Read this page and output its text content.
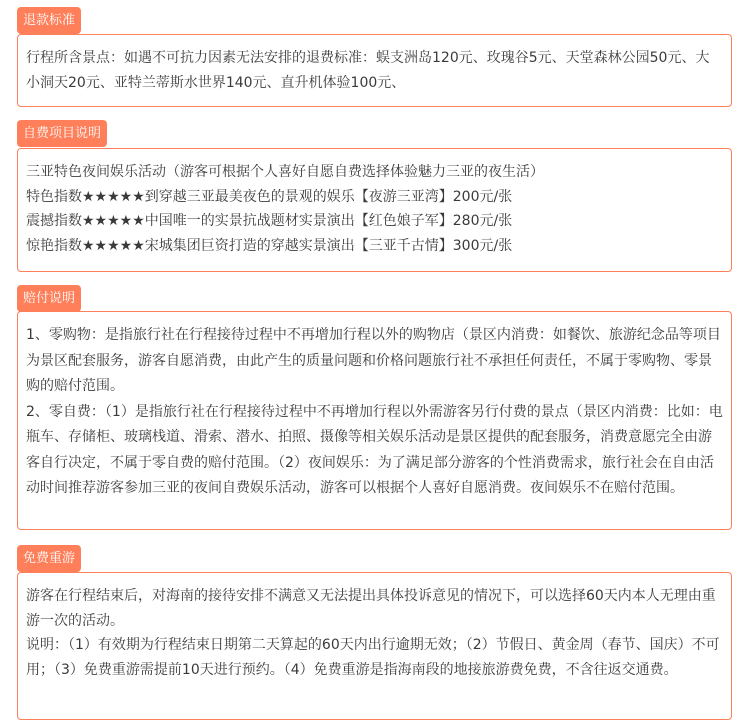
退款标准

行程所含景点：如遇不可抗力因素无法安排的退费标准：蜈支洲岛120元、玫瑰谷5元、天堂森林公园50元、大小洞天20元、亚特兰蒂斯水世界140元、直升机体验100元、

自费项目说明

三亚特色夜间娱乐活动（游客可根据个人喜好自愿自费选择体验魅力三亚的夜生活）

特色指数★★★★★到穿越三亚最美夜色的景观的娱乐【夜游三亚湾】200元/张

震撼指数★★★★★中国唯一的实景抗战题材实景演出【红色娘子军】280元/张

惊艳指数★★★★★宋城集团巨资打造的穿越实景演出【三亚千古情】300元/张

赔付说明

1、零购物：是指旅行社在行程接待过程中不再增加行程以外的购物店（景区内消费：如餐饮、旅游纪念品等项目为景区配套服务，游客自愿消费，由此产生的质量问题和价格问题旅行社不承担任何责任，不属于零购物、零景购的赔付范围。

2、零自费：（1）是指旅行社在行程接待过程中不再增加行程以外需游客另行付费的景点（景区内消费：比如：电瓶车、存储柜、玻璃栈道、滑索、潜水、拍照、摄像等相关娱乐活动是景区提供的配套服务，消费意愿完全由游客自行决定，不属于零自费的赔付范围。（2）夜间娱乐：为了满足部分游客的个性消费需求，旅行社会在自由活动时间推荐游客参加三亚的夜间自费娱乐活动，游客可以根据个人喜好自愿消费。夜间娱乐不在赔付范围。

免费重游

游客在行程结束后，对海南的接待安排不满意又无法提出具体投诉意见的情况下，可以选择60天内本人无理由重游一次的活动。

说明：（1）有效期为行程结束日期第二天算起的60天内出行逾期无效；（2）节假日、黄金周（春节、国庆）不可用；（3）免费重游需提前10天进行预约。（4）免费重游是指海南段的地接旅游费免费，不含往返交通费。
